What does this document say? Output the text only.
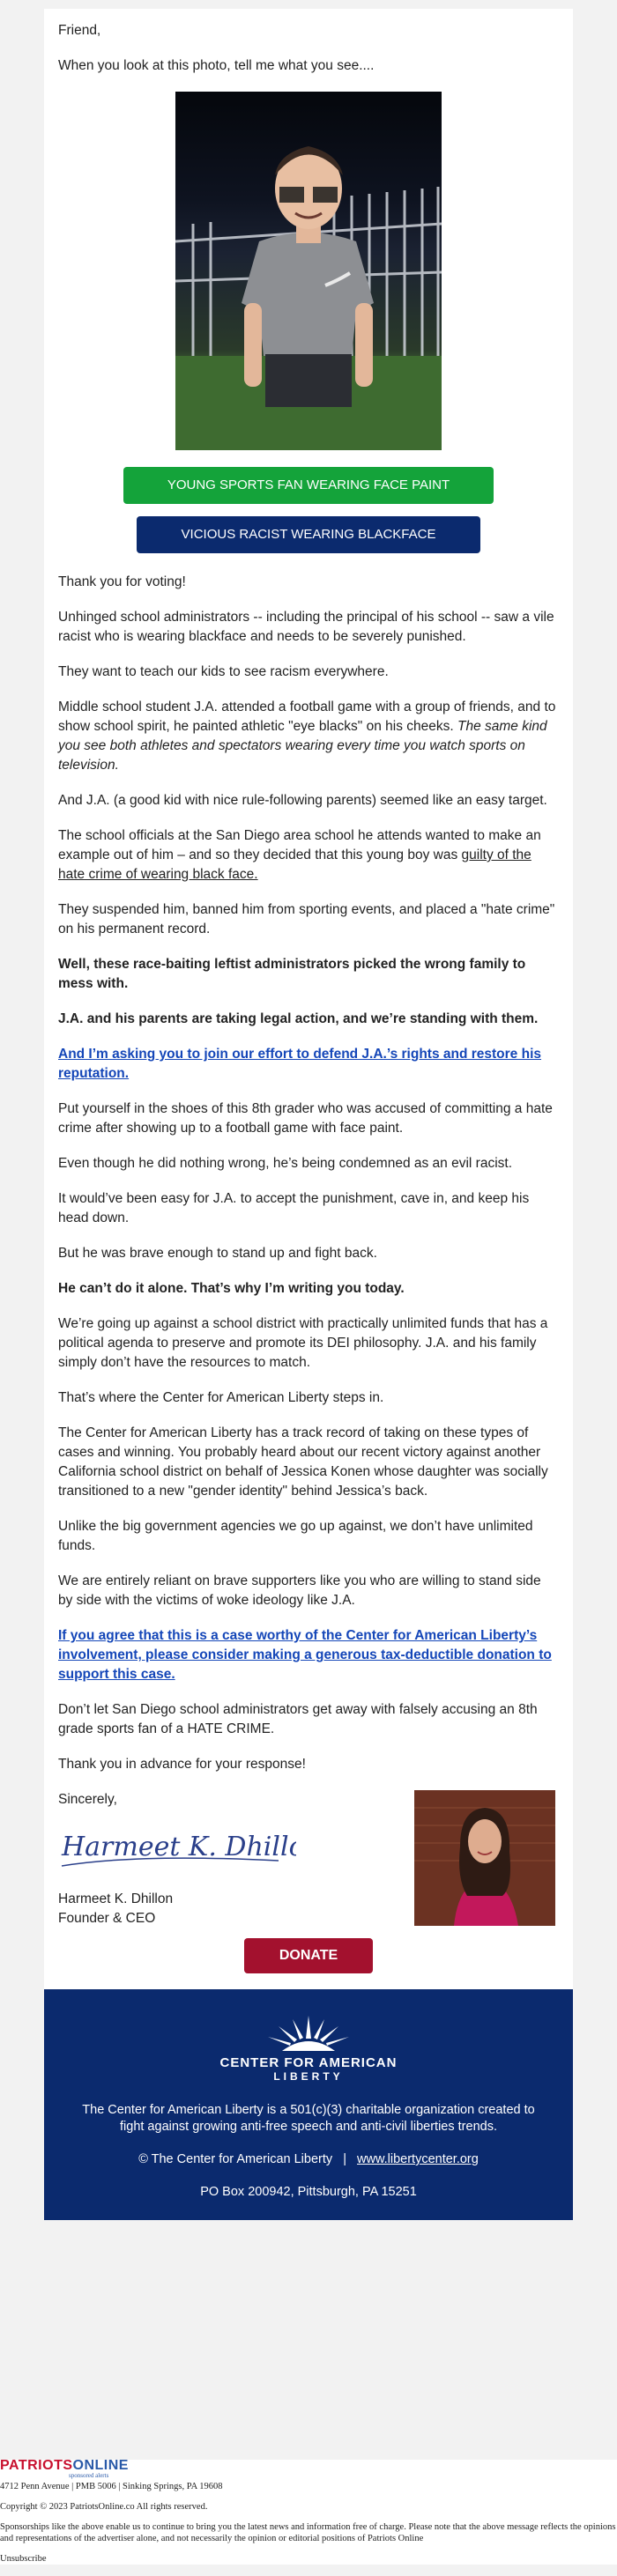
Friend,

When you look at this photo, tell me what you see....

YOUNG SPORTS FAN WEARING FACE PAINT
VICIOUS RACIST WEARING BLACKFACE

Thank you for voting!

Unhinged school administrators -- including the principal of his school -- saw a vile racist who is wearing blackface and needs to be severely punished.

They want to teach our kids to see racism everywhere.

Middle school student J.A. attended a football game with a group of friends, and to show school spirit, he painted athletic "eye blacks" on his cheeks. The same kind you see both athletes and spectators wearing every time you watch sports on television.

And J.A. (a good kid with nice rule-following parents) seemed like an easy target.

The school officials at the San Diego area school he attends wanted to make an example out of him – and so they decided that this young boy was guilty of the hate crime of wearing black face.

They suspended him, banned him from sporting events, and placed a "hate crime" on his permanent record.

Well, these race-baiting leftist administrators picked the wrong family to mess with.

J.A. and his parents are taking legal action, and we’re standing with them.

And I’m asking you to join our effort to defend J.A.’s rights and restore his reputation.

Put yourself in the shoes of this 8th grader who was accused of committing a hate crime after showing up to a football game with face paint.

Even though he did nothing wrong, he’s being condemned as an evil racist.

It would’ve been easy for J.A. to accept the punishment, cave in, and keep his head down.

But he was brave enough to stand up and fight back.

He can’t do it alone. That’s why I’m writing you today.

We’re going up against a school district with practically unlimited funds that has a political agenda to preserve and promote its DEI philosophy. J.A. and his family simply don’t have the resources to match.

That’s where the Center for American Liberty steps in.

The Center for American Liberty has a track record of taking on these types of cases and winning. You probably heard about our recent victory against another California school district on behalf of Jessica Konen whose daughter was socially transitioned to a new "gender identity" behind Jessica’s back.

Unlike the big government agencies we go up against, we don’t have unlimited funds.

We are entirely reliant on brave supporters like you who are willing to stand side by side with the victims of woke ideology like J.A.

If you agree that this is a case worthy of the Center for American Liberty’s involvement, please consider making a generous tax-deductible donation to support this case.

Don’t let San Diego school administrators get away with falsely accusing an 8th grade sports fan of a HATE CRIME.

Thank you in advance for your response!

Sincerely,
Harmeet K. Dhillon
Harmeet K. Dhillon
Founder & CEO
DONATE
CENTER FOR AMERICAN
LIBERTY

The Center for American Liberty is a 501(c)(3) charitable organization created to fight against growing anti-free speech and anti-civil liberties trends.

© The Center for American Liberty | www.libertycenter.org

PO Box 200942, Pittsburgh, PA 15251

PATRIOTSONLINE
sponsored alerts

4712 Penn Avenue | PMB 5006 | Sinking Springs, PA 19608

Copyright © 2023 PatriotsOnline.co All rights reserved.

Sponsorships like the above enable us to continue to bring you the latest news and information free of charge. Please note that the above message reflects the opinions and representations of the advertiser alone, and not necessarily the opinion or editorial positions of Patriots Online

Unsubscribe
